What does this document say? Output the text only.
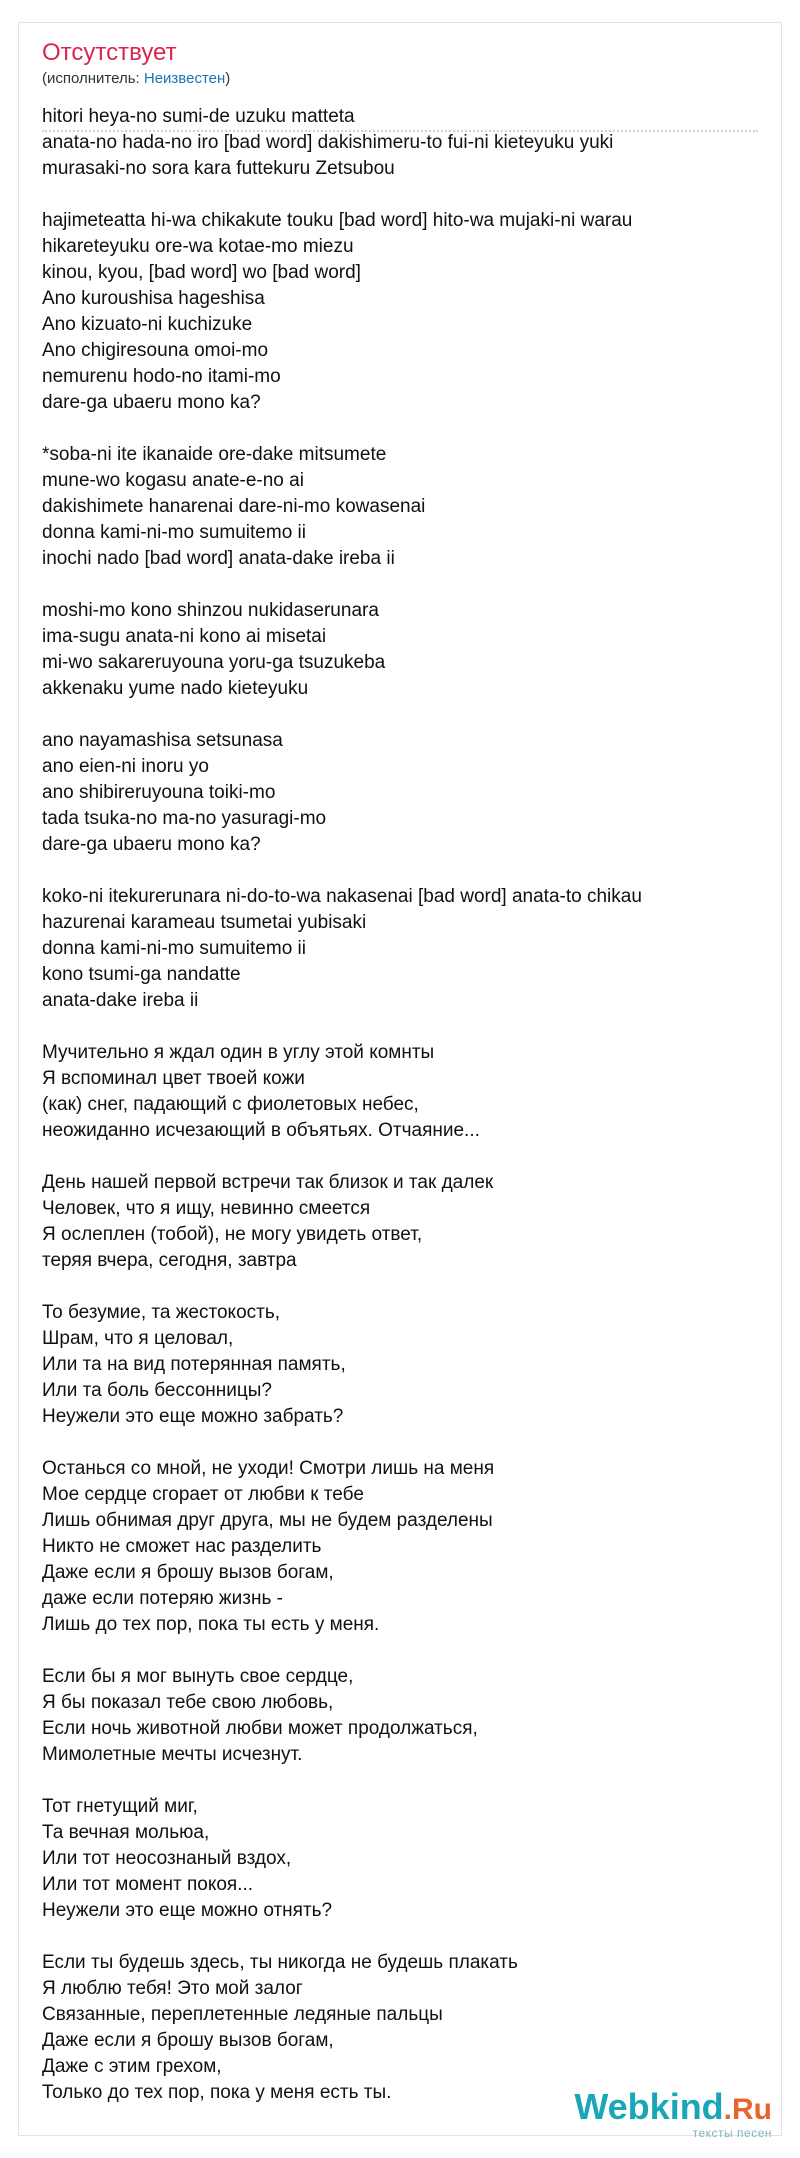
Отсутствует
(исполнитель: Неизвестен)
hitori heya-no sumi-de uzuku matteta
anata-no hada-no iro [bad word] dakishimeru-to fui-ni kieteyuku yuki
murasaki-no sora kara futtekuru Zetsubou
hajimeteatta hi-wa chikakute touku [bad word] hito-wa mujaki-ni warau
hikareteyuku ore-wa kotae-mo miezu
kinou, kyou, [bad word] wo [bad word]
Ano kuroushisa hageshisa
Ano kizuato-ni kuchizuke
Ano chigiresouna omoi-mo
nemurenu hodo-no itami-mo
dare-ga ubaeru mono ka?
*soba-ni ite ikanaide ore-dake mitsumete
mune-wo kogasu anate-e-no ai
dakishimete hanarenai dare-ni-mo kowasenai
donna kami-ni-mo sumuitemo ii
inochi nado [bad word] anata-dake ireba ii
moshi-mo kono shinzou nukidaserunara
ima-sugu anata-ni kono ai misetai
mi-wo sakareruyouna yoru-ga tsuzukeba
akkenaku yume nado kieteyuku
ano nayamashisa setsunasa
ano eien-ni inoru yo
ano shibireruyouna toiki-mo
tada tsuka-no ma-no yasuragi-mo
dare-ga ubaeru mono ka?
koko-ni itekurerunara ni-do-to-wa nakasenai [bad word] anata-to chikau
hazurenai karameau tsumetai yubisaki
donna kami-ni-mo sumuitemo ii
kono tsumi-ga nandatte
anata-dake ireba ii
Мучительно я ждал один в углу этой комнты
Я вспоминал цвет твоей кожи
(как) снег, падающий с фиолетовых небес,
неожиданно исчезающий в объятьях. Отчаяние...
День нашей первой встречи так близок и так далек
Человек, что я ищу, невинно смеется
Я ослеплен (тобой), не могу увидеть ответ,
теряя вчера, сегодня, завтра
То безумие, та жестокость,
Шрам, что я целовал,
Или та на вид потерянная память,
Или та боль бессонницы?
Неужели это еще можно забрать?
Останься со мной, не уходи! Смотри лишь на меня
Мое сердце сгорает от любви к тебе
Лишь обнимая друг друга, мы не будем разделены
Никто не сможет нас разделить
Даже если я брошу вызов богам,
даже если потеряю жизнь -
Лишь до тех пор, пока ты есть у меня.
Если бы я мог вынуть свое сердце,
Я бы показал тебе свою любовь,
Если ночь животной любви может продолжаться,
Мимолетные мечты исчезнут.
Тот гнетущий миг,
Та вечная мольюа,
Или тот неосознаный вздох,
Или тот момент покоя...
Неужели это еще можно отнять?
Если ты будешь здесь, ты никогда не будешь плакать
Я люблю тебя! Это мой залог
Связанные, переплетенные ледяные пальцы
Даже если я брошу вызов богам,
Даже с этим грехом,
Только до тех пор, пока у меня есть ты.	Webkind.Ru
тексты песен
